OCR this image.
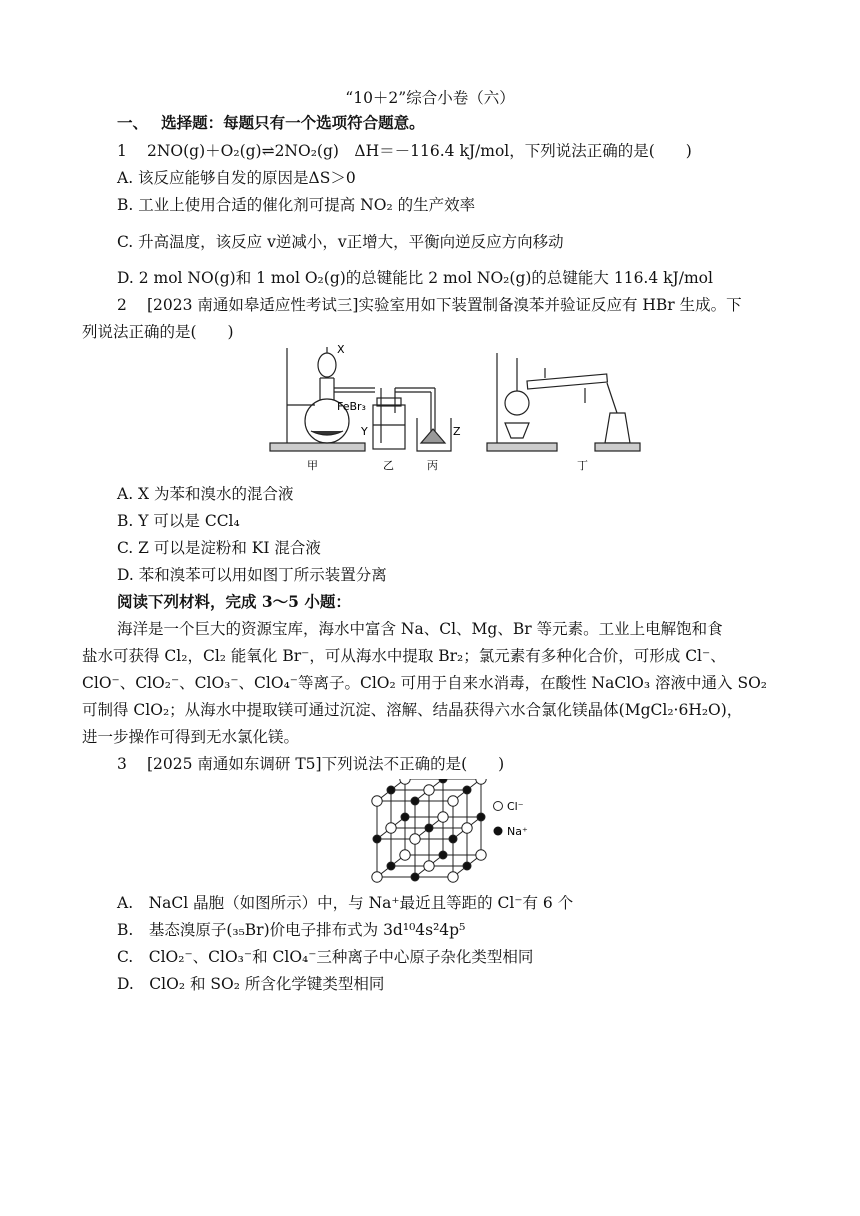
“10＋2”综合小卷（六）
一、　 选择题：每题只有一个选项符合题意。
1 2NO(g)＋O₂(g)⇌2NO₂(g)　ΔH＝－116.4 kJ/mol，下列说法正确的是(　　)
A. 该反应能够自发的原因是ΔS＞0
B. 工业上使用合适的催化剂可提高 NO₂ 的生产效率
C. 升高温度，该反应 v逆减小，v正增大，平衡向逆反应方向移动
D. 2 mol NO(g)和 1 mol O₂(g)的总键能比 2 mol NO₂(g)的总键能大 116.4 kJ/mol
2 [2023 南通如皋适应性考试三]实验室用如下装置制备溴苯并验证反应有 HBr 生成。下
列说法正确的是(　　)
X
FeBr₃
Y	Z
甲	乙	丙	丁
A. X 为苯和溴水的混合液
B. Y 可以是 CCl₄
C. Z 可以是淀粉和 KI 混合液
D. 苯和溴苯可以用如图丁所示装置分离
阅读下列材料，完成 3～5 小题：
海洋是一个巨大的资源宝库，海水中富含 Na、Cl、Mg、Br 等元素。工业上电解饱和食
盐水可获得 Cl₂，Cl₂ 能氧化 Br⁻，可从海水中提取 Br₂；氯元素有多种化合价，可形成 Cl⁻、
ClO⁻、ClO₂⁻、ClO₃⁻、ClO₄⁻等离子。ClO₂ 可用于自来水消毒，在酸性 NaClO₃ 溶液中通入 SO₂
可制得 ClO₂；从海水中提取镁可通过沉淀、溶解、结晶获得六水合氯化镁晶体(MgCl₂·6H₂O)，
进一步操作可得到无水氯化镁。
3 [2025 南通如东调研 T5]下列说法不正确的是(　　)
Cl⁻
Na⁺
A.　NaCl 晶胞（如图所示）中，与 Na⁺最近且等距的 Cl⁻有 6 个
B.　基态溴原子(₃₅Br)价电子排布式为 3d¹⁰4s²4p⁵
C.　ClO₂⁻、ClO₃⁻和 ClO₄⁻三种离子中心原子杂化类型相同
D.　ClO₂ 和 SO₂ 所含化学键类型相同
